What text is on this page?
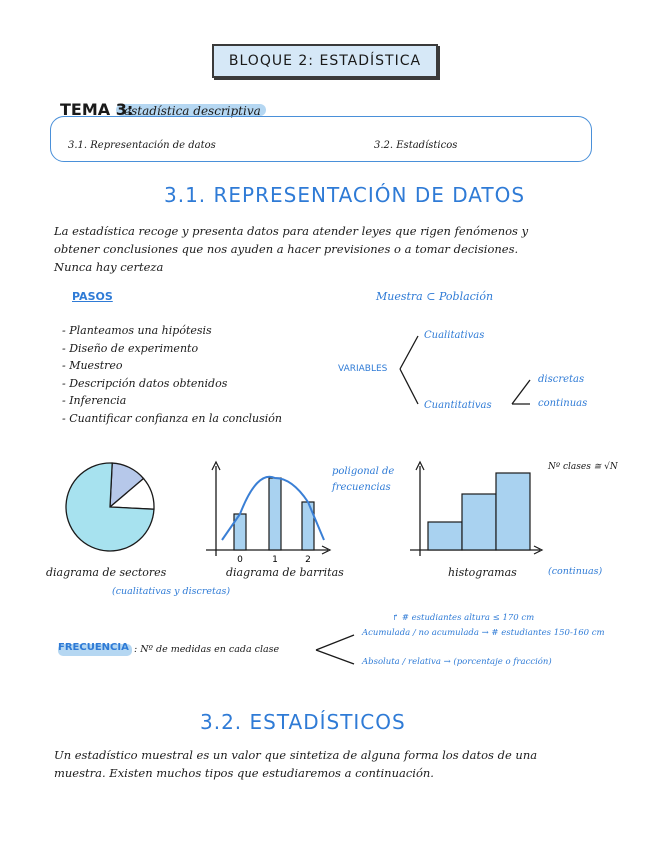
BLOQUE 2: ESTADÍSTICA
TEMA 3:
estadística descriptiva
3.1. Representación de datos	3.2. Estadísticos
3.1. REPRESENTACIÓN DE DATOS
La estadística recoge y presenta datos para atender leyes que rigen fenómenos y obtener conclusiones que nos ayuden a hacer previsiones o a tomar decisiones. Nunca hay certeza
PASOS
- Planteamos una hipótesis
- Diseño de experimento
- Muestreo
- Descripción datos obtenidos
- Inferencia
- Cuantificar confianza en la conclusión
Muestra ⊂ Población
VARIABLES
Cualitativas
Cuantitativas
discretas
continuas
0	1	2
diagrama de sectores
(cualitativas y discretas)
diagrama de barritas
poligonal de frecuencias
histogramas	(continuas)
Nº clases ≅ √N
FRECUENCIA : Nº de medidas en cada clase
↱ # estudiantes altura ≤ 170 cm
Acumulada / no acumulada → # estudiantes 150-160 cm
Absoluta / relativa → (porcentaje o fracción)
3.2. ESTADÍSTICOS
Un estadístico muestral es un valor que sintetiza de alguna forma los datos de una muestra. Existen muchos tipos que estudiaremos a continuación.
